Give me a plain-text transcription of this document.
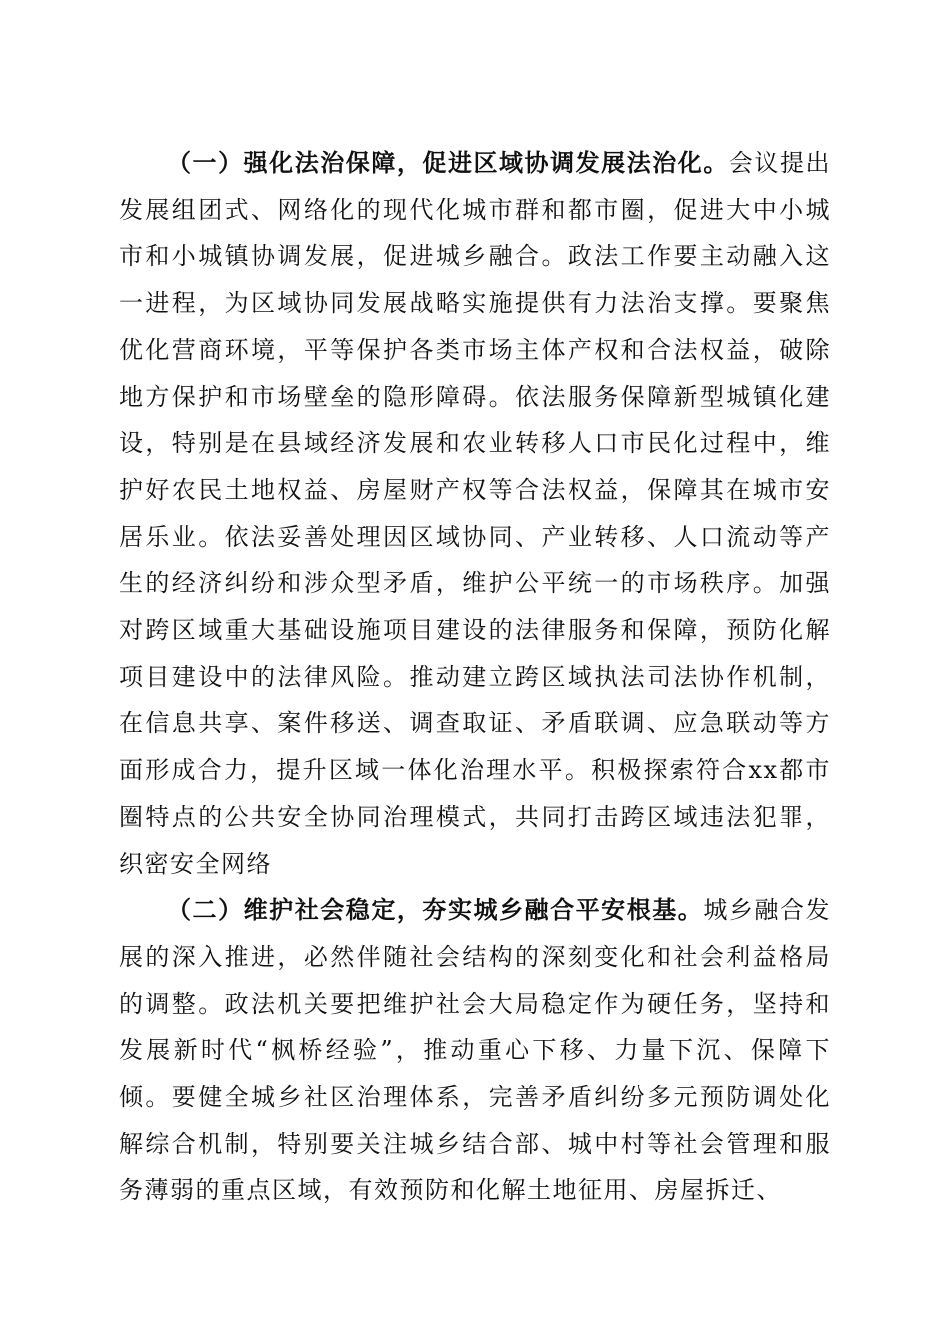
（一）强化法治保障，促进区域协调发展法治化。会议提出发展组团式、网络化的现代化城市群和都市圈，促进大中小城市和小城镇协调发展，促进城乡融合。政法工作要主动融入这一进程，为区域协同发展战略实施提供有力法治支撑。要聚焦优化营商环境，平等保护各类市场主体产权和合法权益，破除地方保护和市场壁垒的隐形障碍。依法服务保障新型城镇化建设，特别是在县域经济发展和农业转移人口市民化过程中，维护好农民土地权益、房屋财产权等合法权益，保障其在城市安居乐业。依法妥善处理因区域协同、产业转移、人口流动等产生的经济纠纷和涉众型矛盾，维护公平统一的市场秩序。加强对跨区域重大基础设施项目建设的法律服务和保障，预防化解项目建设中的法律风险。推动建立跨区域执法司法协作机制，在信息共享、案件移送、调查取证、矛盾联调、应急联动等方面形成合力，提升区域一体化治理水平。积极探索符合xx都市圈特点的公共安全协同治理模式，共同打击跨区域违法犯罪，织密安全网络

（二）维护社会稳定，夯实城乡融合平安根基。城乡融合发展的深入推进，必然伴随社会结构的深刻变化和社会利益格局的调整。政法机关要把维护社会大局稳定作为硬任务，坚持和发展新时代“枫桥经验”，推动重心下移、力量下沉、保障下倾。要健全城乡社区治理体系，完善矛盾纠纷多元预防调处化解综合机制，特别要关注城乡结合部、城中村等社会管理和服务薄弱的重点区域，有效预防和化解土地征用、房屋拆迁、
